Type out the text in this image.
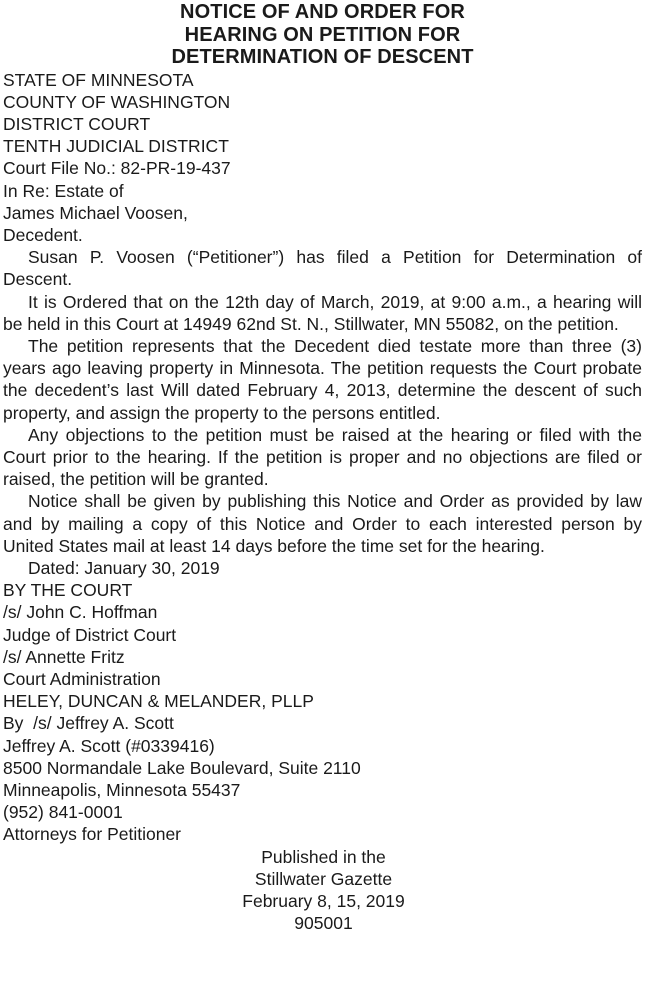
NOTICE OF AND ORDER FOR
HEARING ON PETITION FOR
DETERMINATION OF DESCENT
STATE OF MINNESOTA
COUNTY OF WASHINGTON
DISTRICT COURT
TENTH JUDICIAL DISTRICT
Court File No.: 82-PR-19-437
In Re: Estate of
James Michael Voosen,
Decedent.

Susan P. Voosen (“Petitioner”) has filed a Petition for Determination of Descent.

It is Ordered that on the 12th day of March, 2019, at 9:00 a.m., a hearing will be held in this Court at 14949 62nd St. N., Stillwater, MN 55082, on the petition.

The petition represents that the Decedent died testate more than three (3) years ago leaving property in Minnesota. The petition requests the Court probate the decedent’s last Will dated February 4, 2013, determine the descent of such property, and assign the property to the persons entitled.

Any objections to the petition must be raised at the hearing or filed with the Court prior to the hearing. If the petition is proper and no objections are filed or raised, the petition will be granted.

Notice shall be given by publishing this Notice and Order as provided by law and by mailing a copy of this Notice and Order to each interested person by United States mail at least 14 days before the time set for the hearing.

Dated: January 30, 2019
BY THE COURT
/s/ John C. Hoffman
Judge of District Court
/s/ Annette Fritz
Court Administration
HELEY, DUNCAN & MELANDER, PLLP
By  /s/ Jeffrey A. Scott
Jeffrey A. Scott (#0339416)
8500 Normandale Lake Boulevard, Suite 2110
Minneapolis, Minnesota 55437
(952) 841-0001
Attorneys for Petitioner
Published in the
Stillwater Gazette
February 8, 15, 2019
905001
